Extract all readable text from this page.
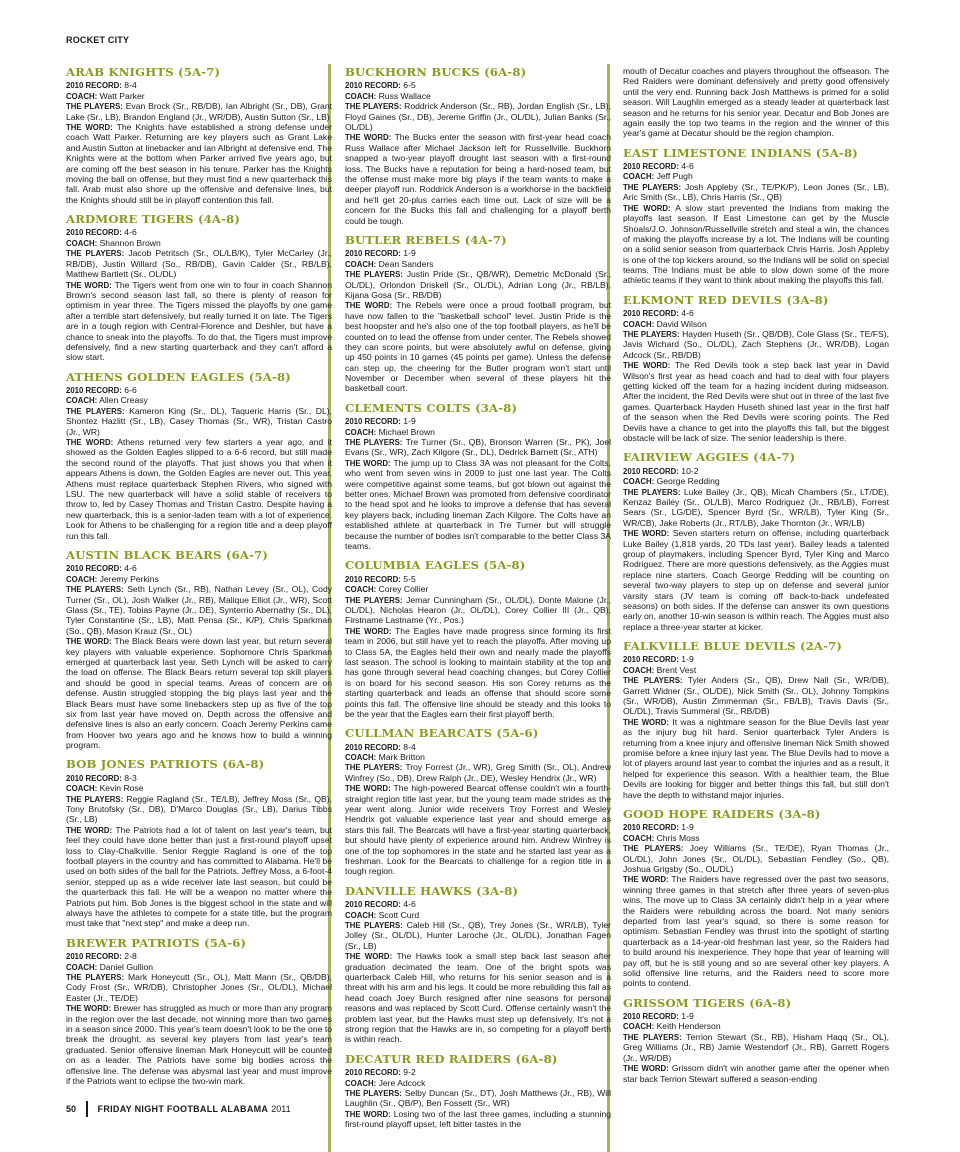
ROCKET CITY
ARAB KNIGHTS (5A-7)

2010 RECORD: 8-4

COACH: Watt Parker

THE PLAYERS: Evan Brock (Sr., RB/DB), Ian Albright (Sr., DB), Grant Lake (Sr., LB), Brandon England (Jr., WR/DB), Austin Sutton (Sr., LB)

THE WORD: The Knights have established a strong defense under coach Watt Parker. Returning are key players such as Grant Lake and Austin Sutton at linebacker and Ian Albright at defensive end. The Knights were at the bottom when Parker arrived five years ago, but are coming off the best season in his tenure. Parker has the Knights moving the ball on offense, but they must find a new quarterback this fall. Arab must also shore up the offensive and defensive lines, but the Knights should still be in playoff contention this fall.

ARDMORE TIGERS (4A-8)

2010 RECORD: 4-6

COACH: Shannon Brown

THE PLAYERS: Jacob Petritsch (Sr., OL/LB/K), Tyler McCarley (Jr., RB/DB), Justin Willard (So., RB/DB), Gavin Calder (Sr., RB/LB), Matthew Bartlett (Sr., OL/DL)

THE WORD: The Tigers went from one win to four in coach Shannon Brown's second season last fall, so there is plenty of reason for optimism in year three. The Tigers missed the playoffs by one game after a terrible start defensively, but really turned it on late. The Tigers are in a tough region with Central-Florence and Deshler, but have a chance to sneak into the playoffs. To do that, the Tigers must improve defensively, find a new starting quarterback and they can't afford a slow start.

ATHENS GOLDEN EAGLES (5A-8)

2010 RECORD: 6-6

COACH: Allen Creasy

THE PLAYERS: Kameron King (Sr., DL), Taqueric Harris (Sr., DL), Shontez Hazlitt (Sr., LB), Casey Thomas (Sr., WR), Tristan Castro (Jr., WR)

THE WORD: Athens returned very few starters a year ago, and it showed as the Golden Eagles slipped to a 6-6 record, but still made the second round of the playoffs. That just shows you that when it appears Athens is down, the Golden Eagles are never out. This year, Athens must replace quarterback Stephen Rivers, who signed with LSU. The new quarterback will have a solid stable of receivers to throw to, led by Casey Thomas and Tristan Castro. Despite having a new quarterback, this is a senior-laden team with a lot of experience. Look for Athens to be challenging for a region title and a deep playoff run this fall.

AUSTIN BLACK BEARS (6A-7)

2010 RECORD: 4-6

COACH: Jeremy Perkins

THE PLAYERS: Seth Lynch (Sr., RB), Nathan Levey (Sr., OL), Cody Turner (Sr., OL), Josh Walker (Jr., RB), Malique Elliot (Jr., WR), Scott Glass (Sr., TE), Tobias Payne (Jr., DE), Synterrio Abernathy (Sr., DL), Tyler Constantine (Sr., LB), Matt Pensa (Sr., K/P), Chris Sparkman (So., QB), Mason Krauz (Sr., OL)

THE WORD: The Black Bears were down last year, but return several key players with valuable experience. Sophomore Chris Sparkman emerged at quarterback last year. Seth Lynch will be asked to carry the load on offense. The Black Bears return several top skill players and should be good in special teams. Areas of concern are on defense. Austin struggled stopping the big plays last year and the Black Bears must have some linebackers step up as five of the top six from last year have moved on. Depth across the offensive and defensive lines is also an early concern. Coach Jeremy Perkins came from Hoover two years ago and he knows how to build a winning program.

BOB JONES PATRIOTS (6A-8)

2010 RECORD: 8-3

COACH: Kevin Rose

THE PLAYERS: Reggie Ragland (Sr., TE/LB), Jeffrey Moss (Sr., QB), Tony Brutofsky (Sr., DB), D'Marco Douglas (Sr., LB), Darius Tibbs (Sr., LB)

THE WORD: The Patriots had a lot of talent on last year's team, but feel they could have done better than just a first-round playoff upset loss to Clay-Chalkville. Senior Reggie Ragland is one of the top football players in the country and has committed to Alabama. He'll be used on both sides of the ball for the Patriots. Jeffrey Moss, a 6-foot-4 senior, stepped up as a wide receiver late last season, but could be the quarterback this fall. He will be a weapon no matter where the Patriots put him. Bob Jones is the biggest school in the state and will always have the athletes to compete for a state title, but the program must take that "next step" and make a deep run.

BREWER PATRIOTS (5A-6)

2010 RECORD: 2-8

COACH: Daniel Gullion

THE PLAYERS: Mark Honeycutt (Sr., OL), Matt Mann (Sr., QB/DB), Cody Frost (Sr., WR/DB), Christopher Jones (Sr., OL/DL), Michael Easter (Jr., TE/DE)

THE WORD: Brewer has struggled as much or more than any program in the region over the last decade, not winning more than two games in a season since 2000. This year's team doesn't look to be the one to break the drought, as several key players from last year's team graduated. Senior offensive lineman Mark Honeycutt will be counted on as a leader. The Patriots have some big bodies across the offensive line. The defense was abysmal last year and must improve if the Patriots want to eclipse the two-win mark.

BUCKHORN BUCKS (6A-8)

2010 RECORD: 6-5

COACH: Russ Wallace

THE PLAYERS: Roddrick Anderson (Sr., RB), Jordan English (Sr., LB), Floyd Gaines (Sr., DB), Jereme Griffin (Jr., OL/DL), Julian Banks (Sr., OL/DL)

THE WORD: The Bucks enter the season with first-year head coach Russ Wallace after Michael Jackson left for Russellville. Buckhorn snapped a two-year playoff drought last season with a first-round loss. The Bucks have a reputation for being a hard-nosed team, but the offense must make more big plays if the team wants to make a deeper playoff run. Roddrick Anderson is a workhorse in the backfield and he'll get 20-plus carries each time out. Lack of size will be a concern for the Bucks this fall and challenging for a playoff berth could be tough.

BUTLER REBELS (4A-7)

2010 RECORD: 1-9

COACH: Dean Sanders

THE PLAYERS: Justin Pride (Sr., QB/WR), Demetric McDonald (Sr., OL/DL), Orlondon Driskell (Sr., OL/DL), Adrian Long (Jr., RB/LB), Kijana Gosa (Sr., RB/DB)

THE WORD: The Rebels were once a proud football program, but have now fallen to the "basketball school" level. Justin Pride is the best hoopster and he's also one of the top football players, as he'll be counted on to lead the offense from under center. The Rebels showed they can score points, but were absolutely awful on defense, giving up 450 points in 10 games (45 points per game). Unless the defense can step up, the cheering for the Butler program won't start until November or December when several of these players hit the basketball court.

CLEMENTS COLTS (3A-8)

2010 RECORD: 1-9

COACH: Michael Brown

THE PLAYERS: Tre Turner (Sr., QB), Bronson Warren (Sr., PK), Joel Evans (Sr., WR), Zach Kilgore (Sr., DL), Dedrick Barnett (Sr., ATH)

THE WORD: The jump up to Class 3A was not pleasant for the Colts, who went from seven wins in 2009 to just one last year. The Colts were competitive against some teams, but got blown out against the better ones. Michael Brown was promoted from defensive coordinator to the head spot and he looks to improve a defense that has several key players back, including lineman Zach Kilgore. The Colts have an established athlete at quarterback in Tre Turner but will struggle because the number of bodies isn't comparable to the better Class 3A teams.

COLUMBIA EAGLES (5A-8)

2010 RECORD: 5-5

COACH: Corey Collier

THE PLAYERS: Jemar Cunningham (Sr., OL/DL), Donte Malone (Jr., OL/DL), Nicholas Hearon (Jr., OL/DL), Corey Collier III (Jr., QB), Firstname Lastname (Yr., Pos.)

THE WORD: The Eagles have made progress since forming its first team in 2006, but still have yet to reach the playoffs. After moving up to Class 5A, the Eagles held their own and nearly made the playoffs last season. The school is looking to maintain stability at the top and has gone through several head coaching changes, but Corey Collier is on board for his second season. His son Corey returns as the starting quarterback and leads an offense that should score some points this fall. The offensive line should be steady and this looks to be the year that the Eagles earn their first playoff berth.

CULLMAN BEARCATS (5A-6)

2010 RECORD: 8-4

COACH: Mark Britton

THE PLAYERS: Troy Forrest (Jr., WR), Greg Smith (Sr., OL), Andrew Winfrey (So., DB), Drew Ralph (Jr., DE), Wesley Hendrix (Jr., WR)

THE WORD: The high-powered Bearcat offense couldn't win a fourth-straight region title last year, but the young team made strides as the year went along. Junior wide receivers Troy Forrest and Wesley Hendrix got valuable experience last year and should emerge as stars this fall. The Bearcats will have a first-year starting quarterback, but should have plenty of experience around him. Andrew Winfrey is one of the top sophomores in the state and he started last year as a freshman. Look for the Bearcats to challenge for a region title in a tough region.

DANVILLE HAWKS (3A-8)

2010 RECORD: 4-6

COACH: Scott Curd

THE PLAYERS: Caleb Hill (Sr., QB), Trey Jones (Sr., WR/LB), Tyler Jolley (Sr., OL/DL), Hunter Laroche (Jr., OL/DL), Jonathan Fagen (Sr., LB)

THE WORD: The Hawks took a small step back last season after graduation decimated the team. One of the bright spots was quarterback Caleb Hill, who returns for his senior season and is a threat with his arm and his legs. It could be more rebuilding this fall as head coach Joey Burch resigned after nine seasons for personal reasons and was replaced by Scott Curd. Offense certainly wasn't the problem last year, but the Hawks must step up defensively. It's not a strong region that the Hawks are in, so competing for a playoff berth is within reach.

DECATUR RED RAIDERS (6A-8)

2010 RECORD: 9-2

COACH: Jere Adcock

THE PLAYERS: Selby Duncan (Sr., DT), Josh Matthews (Jr., RB), Will Laughlin (Sr., QB/P), Ben Fossett (Sr., WR)

THE WORD: Losing two of the last three games, including a stunning first-round playoff upset, left bitter tastes in the

mouth of Decatur coaches and players throughout the offseason. The Red Raiders were dominant defensively and pretty good offensively until the very end. Running back Josh Matthews is primed for a solid season. Will Laughlin emerged as a steady leader at quarterback last season and he returns for his senior year. Decatur and Bob Jones are again easily the top two teams in the region and the winner of this year's game at Decatur should be the region champion.

EAST LIMESTONE INDIANS (5A-8)

2010 RECORD: 4-6

COACH: Jeff Pugh

THE PLAYERS: Josh Appleby (Sr., TE/PK/P), Leon Jones (Sr., LB), Aric Smith (Sr., LB), Chris Harris (Sr., QB)

THE WORD: A slow start prevented the Indians from making the playoffs last season. If East Limestone can get by the Muscle Shoals/J.O. Johnson/Russellville stretch and steal a win, the chances of making the playoffs increase by a lot. The Indians will be counting on a solid senior season from quarterback Chris Harris. Josh Appleby is one of the top kickers around, so the Indians will be solid on special teams. The Indians must be able to slow down some of the more athletic teams if they want to think about making the playoffs this fall.

ELKMONT RED DEVILS (3A-8)

2010 RECORD: 4-6

COACH: David Wilson

THE PLAYERS: Hayden Huseth (Sr., QB/DB), Cole Glass (Sr., TE/FS), Javis Wichard (So., OL/DL), Zach Stephens (Jr., WR/DB), Logan Adcock (Sr., RB/DB)

THE WORD: The Red Devils took a step back last year in David Wilson's first year as head coach and had to deal with four players getting kicked off the team for a hazing incident during midseason. After the incident, the Red Devils were shut out in three of the last five games. Quarterback Hayden Huseth shined last year in the first half of the season when the Red Devils were scoring points. The Red Devils have a chance to get into the playoffs this fall, but the biggest obstacle will be lack of size. The senior leadership is there.

FAIRVIEW AGGIES (4A-7)

2010 RECORD: 10-2

COACH: George Redding

THE PLAYERS: Luke Bailey (Jr., QB), Micah Chambers (Sr., LT/DE), Kenzaz Bailey (Sr., OL/LB), Marco Rodriguez (Jr., RB/LB), Forrest Sears (Sr., LG/DE), Spencer Byrd (Sr., WR/LB), Tyler King (Sr., WR/CB), Jake Roberts (Jr., RT/LB), Jake Thornton (Jr., WR/LB)

THE WORD: Seven starters return on offense, including quarterback Luke Bailey (1,818 yards, 20 TDs last year). Bailey leads a talented group of playmakers, including Spencer Byrd, Tyler King and Marco Rodriguez. There are more questions defensively, as the Aggies must replace nine starters. Coach George Redding will be counting on several two-way players to step up on defense and several junior varsity stars (JV team is coming off back-to-back undefeated seasons) on both sides. If the defense can answer its own questions early on, another 10-win season is within reach. The Aggies must also replace a three-year starter at kicker.

FALKVILLE BLUE DEVILS (2A-7)

2010 RECORD: 1-9

COACH: Brent Vest

THE PLAYERS: Tyler Anders (Sr., QB), Drew Nall (Sr., WR/DB), Garrett Widner (Sr., OL/DE), Nick Smith (Sr., OL), Johnny Tompkins (Sr., WR/DB), Austin Zimmerman (Sr., FB/LB), Travis Davis (Sr., OL/DL), Travis Summeral (Sr., RB/DB)

THE WORD: It was a nightmare season for the Blue Devils last year as the injury bug hit hard. Senior quarterback Tyler Anders is returning from a knee injury and offensive lineman Nick Smith showed promise before a knee injury last year. The Blue Devils had to move a lot of players around last year to combat the injuries and as a result, it helped for experience this season. With a healthier team, the Blue Devils are looking for bigger and better things this fall, but still don't have the depth to withstand major injuries.

GOOD HOPE RAIDERS (3A-8)

2010 RECORD: 1-9

COACH: Chris Moss

THE PLAYERS: Joey Williams (Sr., TE/DE), Ryan Thomas (Jr., OL/DL), John Jones (Sr., OL/DL), Sebastian Fendley (So., QB), Joshua Grigsby (So., OL/DL)

THE WORD: The Raiders have regressed over the past two seasons, winning three games in that stretch after three years of seven-plus wins. The move up to Class 3A certainly didn't help in a year where the Raiders were rebuilding across the board. Not many seniors departed from last year's squad, so there is some reason for optimism. Sebastian Fendley was thrust into the spotlight of starting quarterback as a 14-year-old freshman last year, so the Raiders had to build around his inexperience. They hope that year of learning will pay off, but he is still young and so are several other key players. A solid offensive line returns, and the Raiders need to score more points to contend.

GRISSOM TIGERS (6A-8)

2010 RECORD: 1-9

COACH: Keith Henderson

THE PLAYERS: Terrion Stewart (Sr., RB), Hisham Haqq (Sr., OL), Greg Williams (Jr., RB) Jamie Westendorf (Jr., RB), Garrett Rogers (Jr., WR/DB)

THE WORD: Grissom didn't win another game after the opener when star back Terrion Stewart suffered a season-ending

50 FRIDAY NIGHT FOOTBALL ALABAMA 2011
